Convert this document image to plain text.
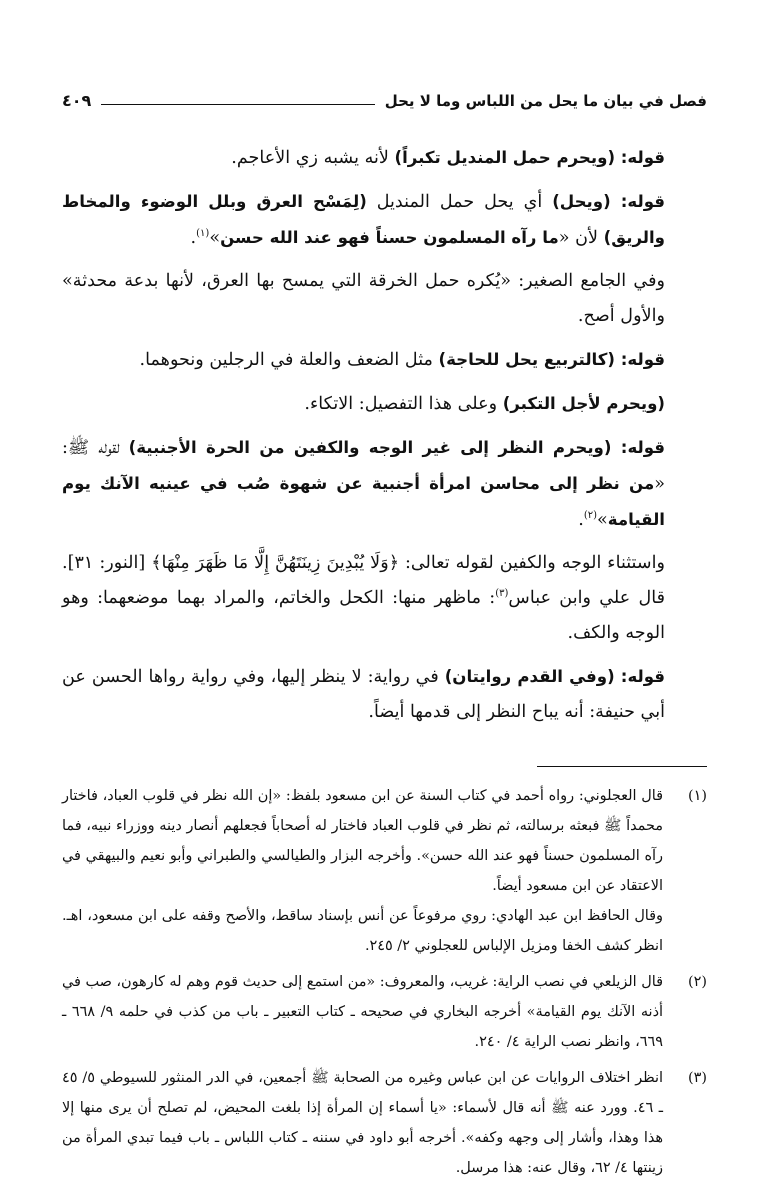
فصل في بيان ما يحل من اللباس وما لا يحل
٤٠٩

قوله: (ويحرم حمل المنديل تكبراً) لأنه يشبه زي الأعاجم.

قوله: (ويحل) أي يحل حمل المنديل (لِمَسْح العرق وبلل الوضوء والمخاط والريق) لأن «ما رآه المسلمون حسناً فهو عند الله حسن»$^{(١)}$.

وفي الجامع الصغير: «يُكره حمل الخرقة التي يمسح بها العرق، لأنها بدعة محدثة» والأول أصح.

قوله: (كالتربيع يحل للحاجة) مثل الضعف والعلة في الرجلين ونحوهما.

(ويحرم لأجل التكبر) وعلى هذا التفصيل: الاتكاء.

قوله: (ويحرم النظر إلى غير الوجه والكفين من الحرة الأجنبية) لقوله ﷺ: «من نظر إلى محاسن امرأة أجنبية عن شهوة صُب في عينيه الآنك يوم القيامة»$^{(٢)}$.

واستثناء الوجه والكفين لقوله تعالى: ﴿وَلَا يُبْدِينَ زِينَتَهُنَّ إِلَّا مَا ظَهَرَ مِنْهَا﴾ [النور: ٣١]. قال علي وابن عباس$^{(٣)}$: ماظهر منها: الكحل والخاتم، والمراد بهما موضعهما: وهو الوجه والكف.

قوله: (وفي القدم روايتان) في رواية: لا ينظر إليها، وفي رواية رواها الحسن عن أبي حنيفة: أنه يباح النظر إلى قدمها أيضاً.

(١)
قال العجلوني: رواه أحمد في كتاب السنة عن ابن مسعود بلفظ: «إن الله نظر في قلوب العباد، فاختار محمداً ﷺ فبعثه برسالته، ثم نظر في قلوب العباد فاختار له أصحاباً فجعلهم أنصار دينه ووزراء نبيه، فما رآه المسلمون حسناً فهو عند الله حسن». وأخرجه البزار والطيالسي والطبراني وأبو نعيم والبيهقي في الاعتقاد عن ابن مسعود أيضاً.
وقال الحافظ ابن عبد الهادي: روي مرفوعاً عن أنس بإسناد ساقط، والأصح وقفه على ابن مسعود، اهـ. انظر كشف الخفا ومزيل الإلباس للعجلوني ٢/ ٢٤٥.
(٢)
قال الزيلعي في نصب الراية: غريب، والمعروف: «من استمع إلى حديث قوم وهم له كارهون، صب في أذنه الآنك يوم القيامة» أخرجه البخاري في صحيحه ـ كتاب التعبير ـ باب من كذب في حلمه ٩/ ٦٦٨ ـ ٦٦٩، وانظر نصب الراية ٤/ ٢٤٠.
(٣)
انظر اختلاف الروايات عن ابن عباس وغيره من الصحابة ﷺ أجمعين، في الدر المنثور للسيوطي ٥/ ٤٥ ـ ٤٦. وورد عنه ﷺ أنه قال لأسماء: «يا أسماء إن المرأة إذا بلغت المحيض، لم تصلح أن يرى منها إلا هذا وهذا، وأشار إلى وجهه وكفه». أخرجه أبو داود في سننه ـ كتاب اللباس ـ باب فيما تبدي المرأة من زينتها ٤/ ٦٢، وقال عنه: هذا مرسل.
